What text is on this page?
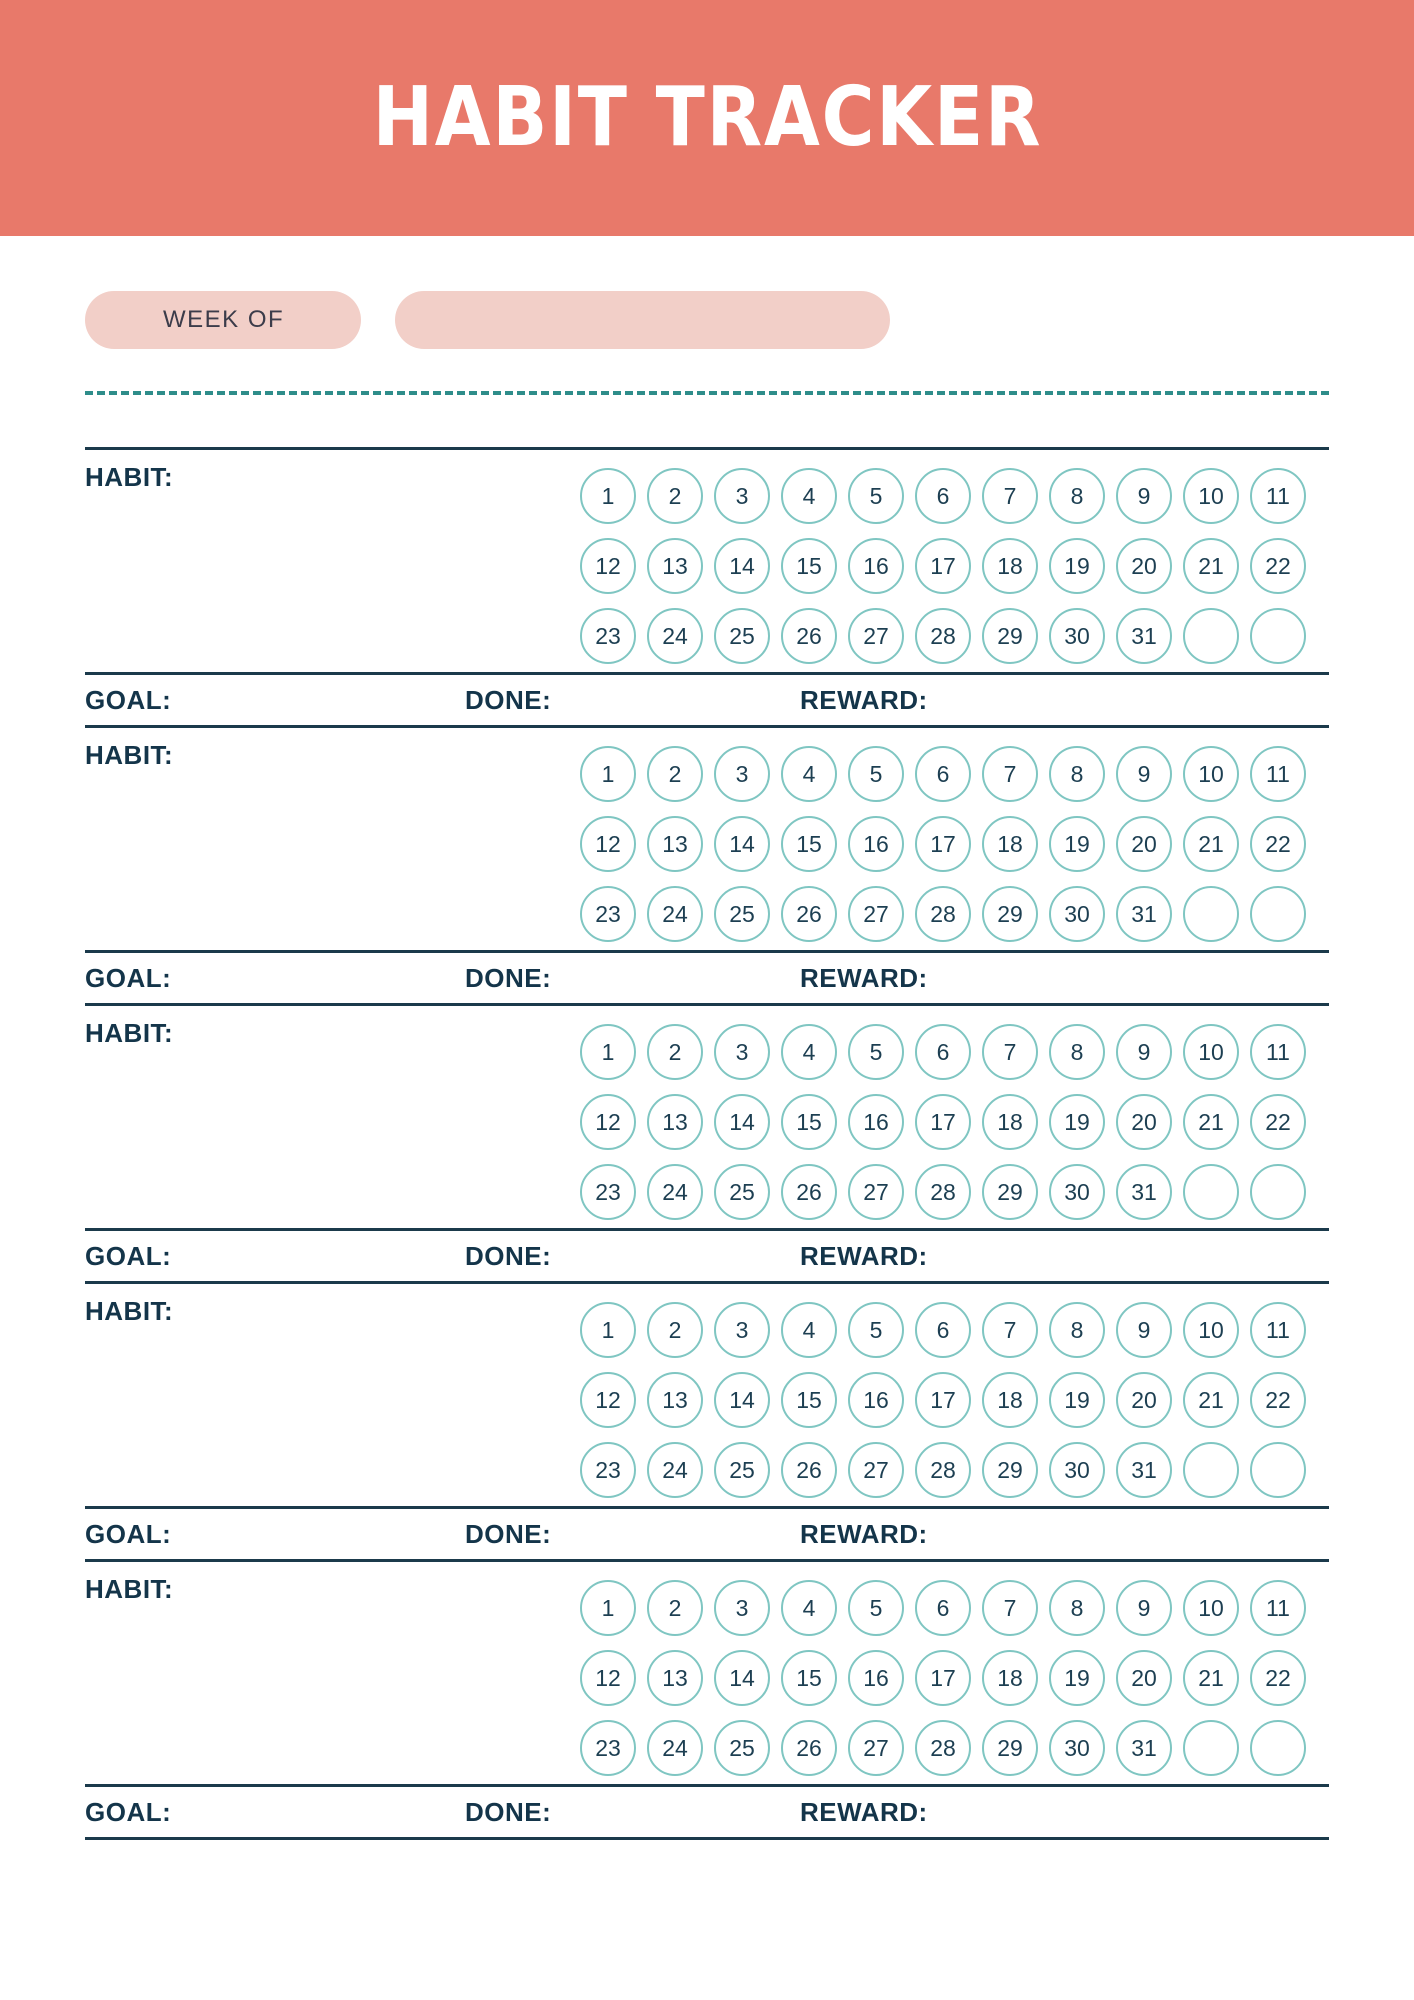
HABIT TRACKER
WEEK OF
HABIT:
1	2	3	4	5	6	7	8	9	10	11
12	13	14	15	16	17	18	19	20	21	22
23	24	25	26	27	28	29	30	31
GOAL:	DONE:	REWARD:
HABIT:
1	2	3	4	5	6	7	8	9	10	11
12	13	14	15	16	17	18	19	20	21	22
23	24	25	26	27	28	29	30	31
GOAL:	DONE:	REWARD:
HABIT:
1	2	3	4	5	6	7	8	9	10	11
12	13	14	15	16	17	18	19	20	21	22
23	24	25	26	27	28	29	30	31
GOAL:	DONE:	REWARD:
HABIT:
1	2	3	4	5	6	7	8	9	10	11
12	13	14	15	16	17	18	19	20	21	22
23	24	25	26	27	28	29	30	31
GOAL:	DONE:	REWARD:
HABIT:
1	2	3	4	5	6	7	8	9	10	11
12	13	14	15	16	17	18	19	20	21	22
23	24	25	26	27	28	29	30	31
GOAL:	DONE:	REWARD:
